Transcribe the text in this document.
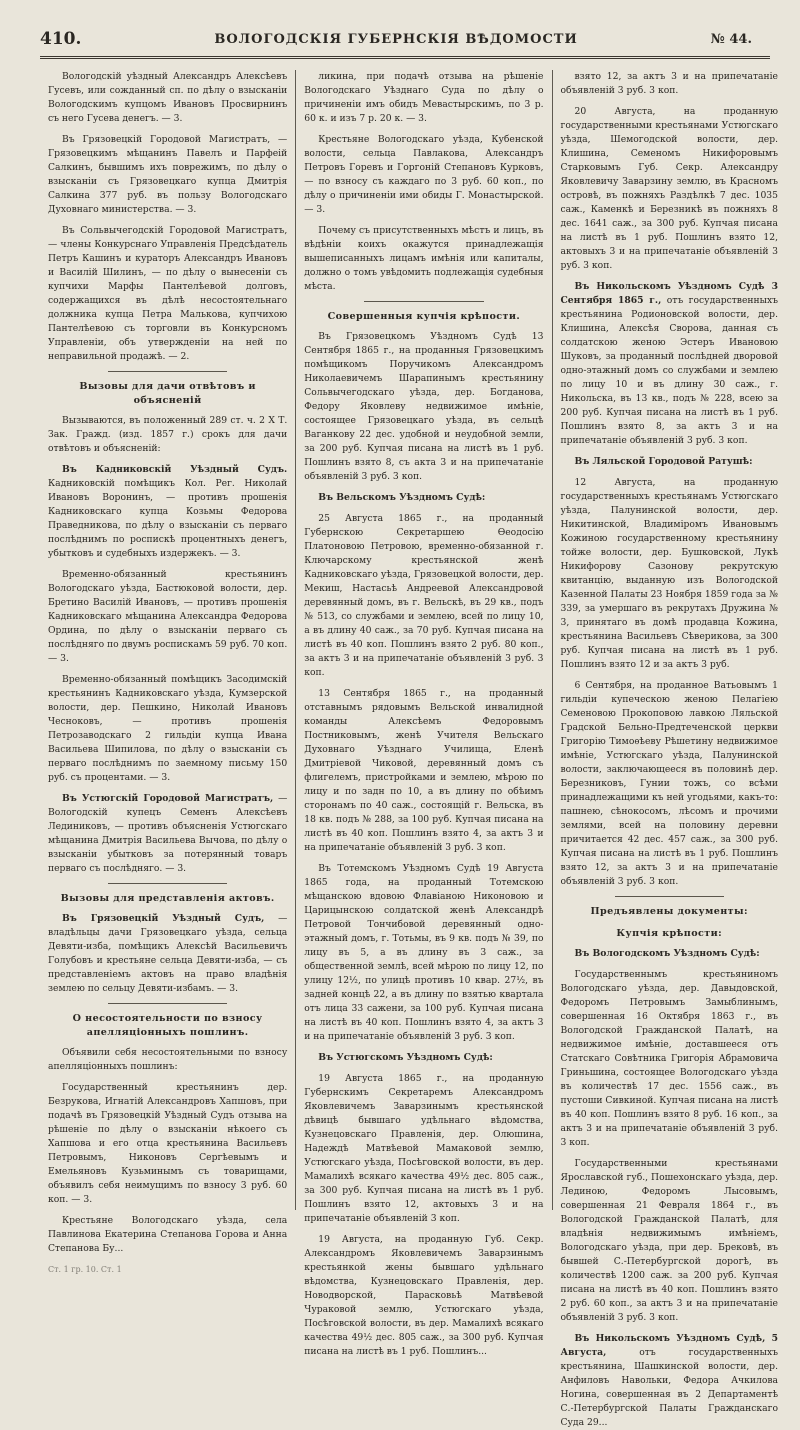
410.	ВОЛОГОДСКІЯ ГУБЕРНСКІЯ ВѢДОМОСТИ	№ 44.
Вологодскій уѣздный Александръ Алексѣевъ Гусевъ, или сожданный сп. по дѣлу о взысканіи Вологодскимъ купцомъ Ивановъ Просвирнинъ съ него Гусева денегъ. — 3.
Въ Грязовецкій Городовой Магистратъ, — Грязовецкимъ мѣщанинъ Павелъ и Парфеій Салкинъ, бывшимъ ихъ поврежимъ, по дѣлу о взысканіи съ Грязовецкаго купца Дмитрія Салкина 377 руб. въ пользу Вологодскаго Духовнаго министерства. — 3.
Въ Сольвычегодскій Городовой Магистратъ, — члены Конкурснаго Управленія Предсѣдатель Петръ Кашинъ и кураторъ Александръ Ивановъ и Василій Шилинъ, — по дѣлу о вынесеніи съ купчихи Марфы Пантелѣевой долговъ, содержащихся въ дѣлѣ несостоятельнаго должника купца Петра Малькова, купчихою Пантелѣевою съ торговли въ Конкурсномъ Управленіи, объ утвержденіи на ней по неправильной продажѣ. — 2.
Вызовы для дачи отвѣтовъ и объясненій
Вызываются, въ положенный 289 ст. ч. 2 Х Т. Зак. Гражд. (изд. 1857 г.) срокъ для дачи отвѣтовъ и объясненій:
Въ Кадниковскій Уѣздный Судъ. Кадниковскій помѣщикъ Кол. Рег. Николай Ивановъ Воронинъ, — противъ прошенія Кадниковскаго купца Козьмы Федорова Праведникова, по дѣлу о взысканіи съ перваго послѣднимъ по роспискѣ процентныхъ денегъ, убытковъ и судебныхъ издержекъ. — 3.
Временно-обязанный крестьянинъ Вологодскаго уѣзда, Бастюковой волости, дер. Бретино Василій Ивановъ, — противъ прошенія Кадниковскаго мѣщанина Александра Федорова Ордина, по дѣлу о взысканіи перваго съ послѣдняго по двумъ роспискамъ 59 руб. 70 коп. — 3.
Временно-обязанный помѣщикъ Засодимскій крестьянинъ Кадниковскаго уѣзда, Кумзерской волости, дер. Пешкино, Николай Ивановъ Чесноковъ, — противъ прошенія Петрозаводскаго 2 гильдіи купца Ивана Васильева Шипилова, по дѣлу о взысканіи съ перваго послѣднимъ по заемному письму 150 руб. съ процентами. — 3.
Въ Устюгскій Городовой Магистратъ, — Вологодскій купецъ Семенъ Алексѣевъ Лединиковъ, — противъ объясненія Устюгскаго мѣщанина Дмитрія Васильева Вычова, по дѣлу о взысканіи убытковъ за потерянный товаръ перваго съ послѣдняго. — 3.
Вызовы для представленія актовъ.
Въ Грязовецкій Уѣздный Судъ, — владѣльцы дачи Грязовецкаго уѣзда, сельца Девяти-изба, помѣщикъ Алексѣй Васильевичъ Голубовъ и крестьяне сельца Девяти-изба, — съ представленіемъ актовъ на право владѣнія землею по сельцу Девяти-избамъ. — 3.
О несостоятельности по взносу апелляціонныхъ пошлинъ.
Объявили себя несостоятельными по взносу апелляціонныхъ пошлинъ:
Государственный крестьянинъ дер. Безрукова, Игнатій Александровъ Хапшовъ, при подачѣ въ Грязовецкій Уѣздный Судъ отзыва на рѣшеніе по дѣлу о взысканіи нѣкоего съ Хапшова и его отца крестьянина Васильевъ Петровымъ, Никоновъ Сергѣевымъ и Емельяновъ Кузьминымъ съ товарищами, объявилъ себя неимущимъ по взносу 3 руб. 60 коп. — 3.
Крестьяне Вологодскаго уѣзда, села Павлинова Екатерина Степанова Горова и Анна Степанова Бу...
Ст. 1 гр. 10. Ст. 1
ликина, при подачѣ отзыва на рѣшеніе Вологодскаго Уѣзднаго Суда по дѣлу о причиненіи имъ обидъ Мевастырскимъ, по 3 р. 60 к. и изъ 7 р. 20 к. — 3.
Крестьяне Вологодскаго уѣзда, Кубенской волости, сельца Павлакова, Александръ Петровъ Горевъ и Горгоній Степановъ Курковъ, — по взносу съ каждаго по 3 руб. 60 коп., по дѣлу о причиненіи ими обиды Г. Монастырской. — 3.
Почему съ присутственныхъ мѣстъ и лицъ, въ вѣдѣніи коихъ окажутся принадлежащія вышеписанныхъ лицамъ имѣнія или капиталы, должно о томъ увѣдомить подлежащія судебныя мѣста.
Совершенныя купчія крѣпости.
Въ Грязовецкомъ Уѣздномъ Судѣ 13 Сентября 1865 г., на проданныя Грязовецкимъ помѣщикомъ Поручикомъ Александромъ Николаевичемъ Шарапинымъ крестьянину Сольвычегодскаго уѣзда, дер. Богданова, Федору Яковлеву недвижимое имѣніе, состоящее Грязовецкаго уѣзда, въ сельцѣ Ваганкову 22 дес. удобной и неудобной земли, за 200 руб. Купчая писана на листѣ въ 1 руб. Пошлинъ взято 8, съ акта 3 и на припечатаніе объявленій 3 руб. 3 коп.
Въ Вельскомъ Уѣздномъ Судѣ:
25 Августа 1865 г., на проданный Губернскою Секретаршею Ѳеодосію Платоновою Петровою, временно-обязанной г. Ключарскому крестьянской женѣ Кадниковскаго уѣзда, Грязовецкой волости, дер. Мекиш, Настасьѣ Андреевой Александровой деревянный домъ, въ г. Вельскѣ, въ 29 кв., подъ № 513, со службами и землею, всей по лицу 10, а въ длину 40 саж., за 70 руб. Купчая писана на листѣ въ 40 коп. Пошлинъ взято 2 руб. 80 коп., за актъ 3 и на припечатаніе объявленій 3 руб. 3 коп.
13 Сентября 1865 г., на проданный отставнымъ рядовымъ Вельской инвалидной команды Алексѣемъ Федоровымъ Постниковымъ, женѣ Учителя Вельскаго Духовнаго Уѣзднаго Училища, Еленѣ Дмитріевой Чиковой, деревянный домъ съ флигелемъ, пристройками и землею, мѣрою по лицу и по задн по 10, а въ длину по обѣимъ сторонамъ по 40 саж., состоящій г. Вельска, въ 18 кв. подъ № 288, за 100 руб. Купчая писана на листѣ въ 40 коп. Пошлинъ взято 4, за актъ 3 и на припечатаніе объявленій 3 руб. 3 коп.
Въ Тотемскомъ Уѣздномъ Судѣ 19 Августа 1865 года, на проданный Тотемскою мѣщанскою вдовою Флавіаною Никоновою и Царицынскою солдатской женѣ Александрѣ Петровой Тончибовой деревянный одно-этажный домъ, г. Тотьмы, въ 9 кв. подъ № 39, по лицу въ 5, а въ длину въ 3 саж., за общественной землѣ, всей мѣрою по лицу 12, по улицу 12½, по улицѣ противъ 10 квар. 27½, въ задней концѣ 22, а въ длину по взятью квартала отъ лица 33 сажени, за 100 руб. Купчая писана на листѣ въ 40 коп. Пошлинъ взято 4, за актъ 3 и на припечатаніе объявленій 3 руб. 3 коп.
Въ Устюгскомъ Уѣздномъ Судѣ:
19 Августа 1865 г., на проданную Губернскимъ Секретаремъ Александромъ Яковлевичемъ Заварзинымъ крестьянской дѣвицѣ бывшаго удѣльнаго вѣдомства, Кузнецовскаго Правленія, дер. Олюшина, Надеждѣ Матвѣевой Мамаковой землю, Устюгскаго уѣзда, Посѣговской волости, въ дер. Мамалихѣ всякаго качества 49½ дес. 805 саж., за 300 руб. Купчая писана на листѣ въ 1 руб. Пошлинъ взято 12, актовыхъ 3 и на припечатаніе объявленій 3 коп.
19 Августа, на проданную Губ. Секр. Александромъ Яковлевичемъ Заварзинымъ крестьянкой жены бывшаго удѣльнаго вѣдомства, Кузнецовскаго Правленія, дер. Новодворской, Парасковьѣ Матвѣевой Чураковой землю, Устюгскаго уѣзда, Посѣговской волости, въ дер. Мамалихѣ всякаго качества 49½ дес. 805 саж., за 300 руб. Купчая писана на листѣ въ 1 руб. Пошлинъ...
взято 12, за актъ 3 и на припечатаніе объявленій 3 руб. 3 коп.
20 Августа, на проданную государственными крестьянами Устюгскаго уѣзда, Шемогодской волости, дер. Клишина, Семеномъ Никифоровымъ Старковымъ Губ. Секр. Александру Яковлевичу Заварзину землю, въ Красномъ островѣ, въ пожняхъ Раздѣлкѣ 7 дес. 1035 саж., Каменкѣ и Березникѣ въ пожняхъ 8 дес. 1641 саж., за 300 руб. Купчая писана на листѣ въ 1 руб. Пошлинъ взято 12, актовыхъ 3 и на припечатаніе объявленій 3 руб. 3 коп.
Въ Никольскомъ Уѣздномъ Судѣ 3 Сентября 1865 г., отъ государственныхъ крестьянина Родионовской волости, дер. Клишина, Алексѣя Сворова, данная съ солдатскою женою Эстеръ Ивановою Шуковъ, за проданный послѣдней дворовой одно-этажный домъ со службами и землею по лицу 10 и въ длину 30 саж., г. Никольска, въ 13 кв., подъ № 228, всею за 200 руб. Купчая писана на листѣ въ 1 руб. Пошлинъ взято 8, за актъ 3 и на припечатаніе объявленій 3 руб. 3 коп.
Въ Ляльской Городовой Ратушѣ:
12 Августа, на проданную государственныхъ крестьянамъ Устюгскаго уѣзда, Палунинской волости, дер. Никитинской, Владиміромъ Ивановымъ Кожиною государственному крестьянину тойже волости, дер. Бушковской, Лукѣ Никифорову Сазонову рекрутскую квитанцію, выданную изъ Вологодской Казенной Палаты 23 Ноября 1859 года за № 339, за умершаго въ рекрутахъ Дружина № 3, принятаго въ домѣ продавца Кожина, крестьянина Васильевъ Сѣверикова, за 300 руб. Купчая писана на листѣ въ 1 руб. Пошлинъ взято 12 и за актъ 3 руб.
6 Сентября, на проданное Ватьовымъ 1 гильдіи купеческою женою Пелагіею Семеновою Прокоповою лавкою Ляльской Градской Бельно-Предтеченской церкви Григорію Тимоѳѣеву Рѣшетину недвижимое имѣніе, Устюгскаго уѣзда, Палунинской волости, заключающееся въ половинѣ дер. Березниковъ, Гунии тожъ, со всѣми принадлежащими къ ней угодьями, какъ-то: пашнею, сѣнокосомъ, лѣсомъ и прочими землями, всей на половину деревни причитается 42 дес. 457 саж., за 300 руб. Купчая писана на листѣ въ 1 руб. Пошлинъ взято 12, за актъ 3 и на припечатаніе объявленій 3 руб. 3 коп.
Предъявлены документы:
Купчія крѣпости:
Въ Вологодскомъ Уѣздномъ Судѣ:
Государственнымъ крестьяниномъ Вологодскаго уѣзда, дер. Давыдовской, Федоромъ Петровымъ Замыблинымъ, совершенная 16 Октября 1863 г., въ Вологодской Гражданской Палатѣ, на недвижимое имѣніе, доставшееся отъ Статскаго Совѣтника Григорія Абрамовича Гриньшина, состоящее Вологодскаго уѣзда въ количествѣ 17 дес. 1556 саж., въ пустоши Сивкиной. Купчая писана на листѣ въ 40 коп. Пошлинъ взято 8 руб. 16 коп., за актъ 3 и на припечатаніе объявленій 3 руб. 3 коп.
Государственными крестьянами Ярославской губ., Пошехонскаго уѣзда, дер. Лединою, Федоромъ Лысовымъ, совершенная 21 Февраля 1864 г., въ Вологодской Гражданской Палатѣ, для владѣнія недвижимымъ имѣніемъ, Вологодскаго уѣзда, при дер. Брековѣ, въ бывшей С.-Петербургской дорогѣ, въ количествѣ 1200 саж. за 200 руб. Купчая писана на листѣ въ 40 коп. Пошлинъ взято 2 руб. 60 коп., за актъ 3 и на припечатаніе объявленій 3 руб. 3 коп.
Въ Никольскомъ Уѣздномъ Судѣ, 5 Августа,	отъ государственныхъ крестьянина, Шашкинской волости, дер. Анфиловъ Навольки, Федора Ачкилова Ногина, совершенная въ 2 Департаментѣ С.-Петербургской Палаты Гражданскаго Суда 29...
